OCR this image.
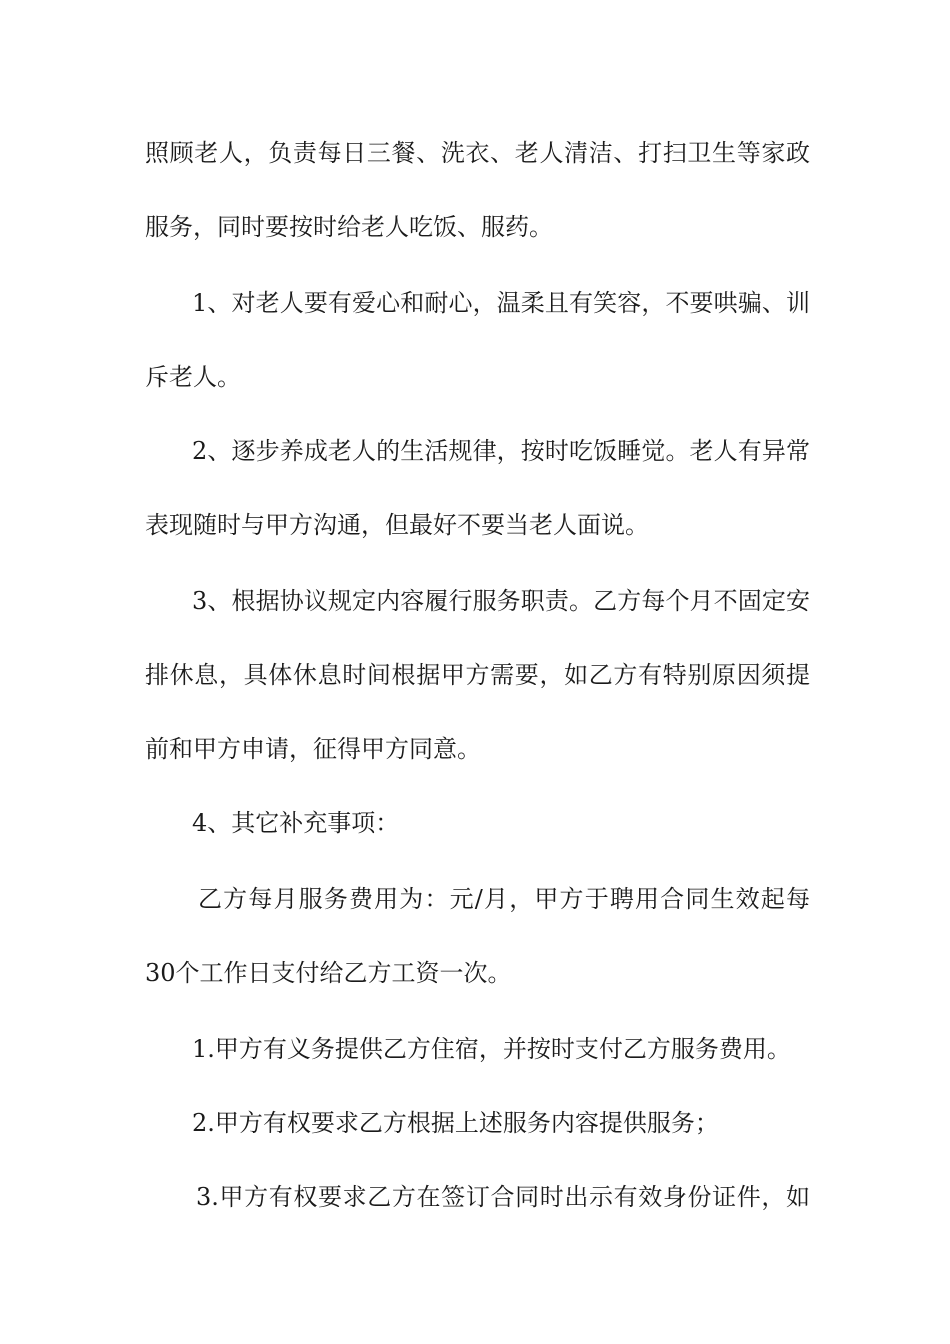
照顾老人，负责每日三餐、洗衣、老人清洁、打扫卫生等家政
服务，同时要按时给老人吃饭、服药。
1、对老人要有爱心和耐心，温柔且有笑容，不要哄骗、训
斥老人。
2、逐步养成老人的生活规律，按时吃饭睡觉。老人有异常
表现随时与甲方沟通，但最好不要当老人面说。
3、根据协议规定内容履行服务职责。乙方每个月不固定安
排休息，具体休息时间根据甲方需要，如乙方有特别原因须提
前和甲方申请，征得甲方同意。
4、其它补充事项：
乙方每月服务费用为：元/月，甲方于聘用合同生效起每
30个工作日支付给乙方工资一次。
1.甲方有义务提供乙方住宿，并按时支付乙方服务费用。
2.甲方有权要求乙方根据上述服务内容提供服务；
3.甲方有权要求乙方在签订合同时出示有效身份证件，如
